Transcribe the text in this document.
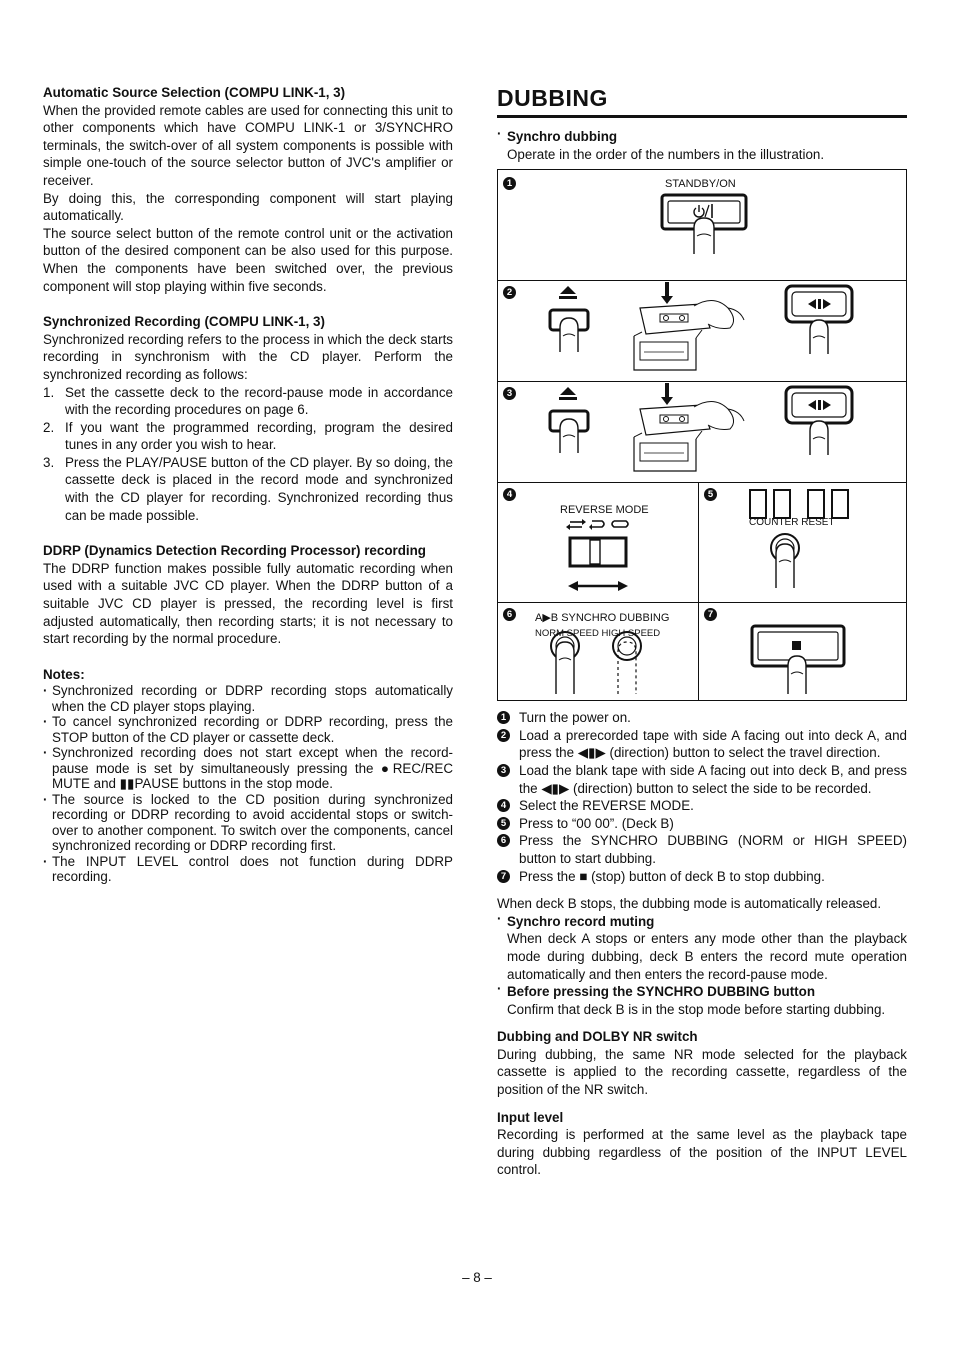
Automatic Source Selection (COMPU LINK-1, 3)

When the provided remote cables are used for connecting this unit to other components which have COMPU LINK-1 or 3/SYNCHRO terminals, the switch-over of all system components is possible with simple one-touch of the source selector button of JVC's amplifier or receiver.

By doing this, the corresponding component will start playing automatically.

The source select button of the remote control unit or the activation button of the desired component can be also used for this purpose. When the components have been switched over, the previous component will stop playing within five seconds.

Synchronized Recording (COMPU LINK-1, 3)

Synchronized recording refers to the process in which the deck starts recording in synchronism with the CD player. Perform the synchronized recording as follows:

1. Set the cassette deck to the record-pause mode in accordance with the recording procedures on page 6.
2. If you want the programmed recording, program the desired tunes in any order you wish to hear.
3. Press the PLAY/PAUSE button of the CD player. By so doing, the cassette deck is placed in the record mode and synchronized with the CD player for recording. Synchronized recording thus can be made possible.

DDRP (Dynamics Detection Recording Processor) recording

The DDRP function makes possible fully automatic recording when used with a suitable JVC CD player. When the DDRP button of a suitable JVC CD player is pressed, the recording level is first adjusted automatically, then recording starts; it is not necessary to start recording by the normal procedure.

Notes:

· Synchronized recording or DDRP recording stops automatically when the CD player stops playing.
· To cancel synchronized recording or DDRP recording, press the STOP button of the CD player or cassette deck.
· Synchronized recording does not start except when the record-pause mode is set by simultaneously pressing the ●REC/REC MUTE and ▮▮PAUSE buttons in the stop mode.
· The source is locked to the CD position during synchronized recording or DDRP recording to avoid accidental stops or switch-over to another component. To switch over the components, cancel synchronized recording or DDRP recording first.
· The INPUT LEVEL control does not function during DDRP recording.

DUBBING

· Synchro dubbing
Operate in the order of the numbers in the illustration.
1
2
3
4	5
6	7
STANDBY/ON
REVERSE MODE
COUNTER RESET
A▶B SYNCHRO DUBBING
NORM SPEED HIGH SPEED
1 Turn the power on.
2 Load a prerecorded tape with side A facing out into deck A, and press the ◀▮▶ (direction) button to select the travel direction.
3 Load the blank tape with side A facing out into deck B, and press the ◀▮▶ (direction) button to select the side to be recorded.
4 Select the REVERSE MODE.
5 Press to “00 00”. (Deck B)
6 Press the SYNCHRO DUBBING (NORM or HIGH SPEED) button to start dubbing.
7 Press the ■ (stop) button of deck B to stop dubbing.

When deck B stops, the dubbing mode is automatically released.

· Synchro record muting
When deck A stops or enters any mode other than the playback mode during dubbing, deck B enters the record mute operation automatically and then enters the record-pause mode.
· Before pressing the SYNCHRO DUBBING button
Confirm that deck B is in the stop mode before starting dubbing.

Dubbing and DOLBY NR switch

During dubbing, the same NR mode selected for the playback cassette is applied to the recording cassette, regardless of the position of the NR switch.

Input level

Recording is performed at the same level as the playback tape during dubbing regardless of the position of the INPUT LEVEL control.

– 8 –
